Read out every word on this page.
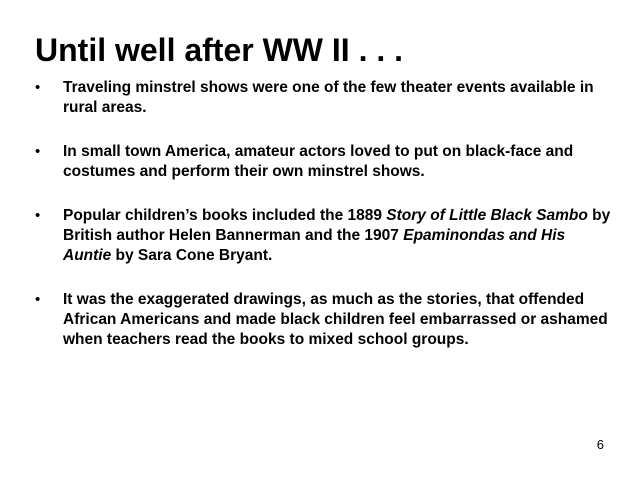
Until well after WW II . . .
• Traveling minstrel shows were one of the few theater events available in rural areas.
• In small town America, amateur actors loved to put on black-face and costumes and perform their own minstrel shows.
• Popular children’s books included the 1889 Story of Little Black Sambo by British author Helen Bannerman and the 1907 Epaminondas and His Auntie by Sara Cone Bryant.
• It was the exaggerated drawings, as much as the stories, that offended African Americans and made black children feel embarrassed or ashamed when teachers read the books to mixed school groups.
6
